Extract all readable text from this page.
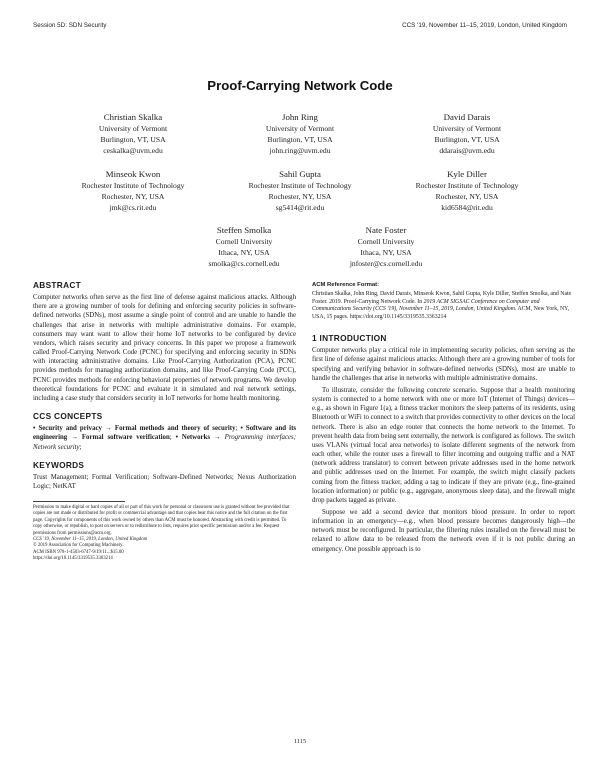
Session 5D: SDN Security	CCS '19, November 11–15, 2019, London, United Kingdom
Proof-Carrying Network Code
Christian Skalka
University of Vermont
Burlington, VT, USA
ceskalka@uvm.edu
John Ring
University of Vermont
Burlington, VT, USA
john.ring@uvm.edu
David Darais
University of Vermont
Burlington, VT, USA
ddarais@uvm.edu
Minseok Kwon
Rochester Institute of Technology
Rochester, NY, USA
jmk@cs.rit.edu
Sahil Gupta
Rochester Institute of Technology
Rochester, NY, USA
sg5414@rit.edu
Kyle Diller
Rochester Institute of Technology
Rochester, NY, USA
kid6584@rit.edu
Steffen Smolka
Cornell University
Ithaca, NY, USA
smolka@cs.cornell.edu
Nate Foster
Cornell University
Ithaca, NY, USA
jnfoster@cs.cornell.edu
ABSTRACT

Computer networks often serve as the first line of defense against malicious attacks. Although there are a growing number of tools for defining and enforcing security policies in software-defined networks (SDNs), most assume a single point of control and are unable to handle the challenges that arise in networks with multiple administrative domains. For example, consumers may want want to allow their home IoT networks to be configured by device vendors, which raises security and privacy concerns. In this paper we propose a framework called Proof-Carrying Network Code (PCNC) for specifying and enforcing security in SDNs with interacting administrative domains. Like Proof-Carrying Authorization (PCA), PCNC provides methods for managing authorization domains, and like Proof-Carrying Code (PCC), PCNC provides methods for enforcing behavioral properties of network programs. We develop theoretical foundations for PCNC and evaluate it in simulated and real network settings, including a case study that considers security in IoT networks for home health monitoring.

CCS CONCEPTS

• Security and privacy → Formal methods and theory of security; • Software and its engineering → Formal software verification; • Networks → Programming interfaces; Network security;

KEYWORDS

Trust Management; Formal Verification; Software-Defined Networks; Nexus Authorization Logic; NetKAT

Permission to make digital or hard copies of all or part of this work for personal or classroom use is granted without fee provided that copies are not made or distributed for profit or commercial advantage and that copies bear this notice and the full citation on the first page. Copyrights for components of this work owned by others than ACM must be honored. Abstracting with credit is permitted. To copy otherwise, or republish, to post on servers or to redistribute to lists, requires prior specific permission and/or a fee. Request permissions from permissions@acm.org.
CCS '19, November 11–15, 2019, London, United Kingdom
© 2019 Association for Computing Machinery.
ACM ISBN 978-1-4503-6747-9/19/11...$15.00
https://doi.org/10.1145/3319535.3363214
ACM Reference Format:
Christian Skalka, John Ring, David Darais, Minseok Kwon, Sahil Gupta, Kyle Diller, Steffen Smolka, and Nate Foster. 2019. Proof-Carrying Network Code. In 2019 ACM SIGSAC Conference on Computer and Communications Security (CCS '19), November 11–15, 2019, London, United Kingdom. ACM, New York, NY, USA, 15 pages. https://doi.org/10.1145/3319535.3363214
1 INTRODUCTION

Computer networks play a critical role in implementing security policies, often serving as the first line of defense against malicious attacks. Although there are a growing number of tools for specifying and verifying behavior in software-defined networks (SDNs), most are unable to handle the challenges that arise in networks with multiple administrative domains.

To illustrate, consider the following concrete scenario. Suppose that a health monitoring system is connected to a home network with one or more IoT (Internet of Things) devices—e.g., as shown in Figure 1(a), a fitness tracker monitors the sleep patterns of its residents, using Bluetooth or WiFi to connect to a switch that provides connectivity to other devices on the local network. There is also an edge router that connects the home network to the Internet. To prevent health data from being sent externally, the network is configured as follows. The switch uses VLANs (virtual local area networks) to isolate different segments of the network from each other, while the router uses a firewall to filter incoming and outgoing traffic and a NAT (network address translator) to convert between private addresses used in the home network and public addresses used on the Internet. For example, the switch might classify packets coming from the fitness tracker, adding a tag to indicate if they are private (e.g., fine-grained location information) or public (e.g., aggregate, anonymous sleep data), and the firewall might drop packets tagged as private.

Suppose we add a second device that monitors blood pressure. In order to report information in an emergency—e.g., when blood pressure becomes dangerously high—the network must be reconfigured. In particular, the filtering rules installed on the firewall must be relaxed to allow data to be released from the network even if it is not public during an emergency. One possible approach is to

1115
